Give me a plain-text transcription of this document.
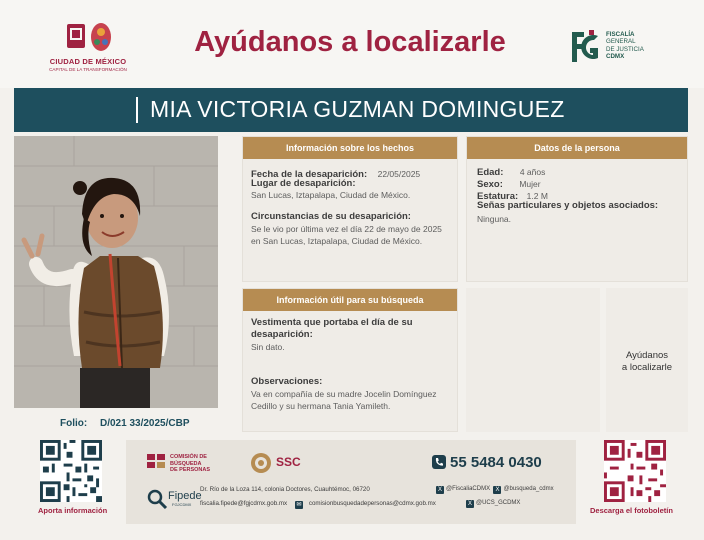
CIUDAD DE MÉXICO
CAPITAL DE LA TRANSFORMACIÓN
Ayúdanos a localizarle	FISCALÍA
GENERAL
DE JUSTICIA

CDMX
MIA VICTORIA GUZMAN DOMINGUEZ
Folio: D/021 33/2025/CBP
Información sobre los hechos
Fecha de la desaparición: 22/05/2025
Lugar de desaparición:
San Lucas, Iztapalapa, Ciudad de México.
Circunstancias de su desaparición:
Se le vio por última vez el día 22 de mayo de 2025
en San Lucas, Iztapalapa, Ciudad de México.
Datos de la persona
Edad: 4 años
Sexo: Mujer
Estatura: 1.2 M
Señas particulares y objetos asociados:
Ninguna.
Información útil para su búsqueda
Vestimenta que portaba el día de su
desaparición:
Sin dato.
Observaciones:
Va en compañía de su madre Jocelin Domínguez
Cedillo y su hermana Tania Yamileth.
Ayúdanos
a localizarle
Aporta información	Descarga el fotoboletín
COMISIÓN DE BÚSQUEDA
DE PERSONAS
SSC	55 5484 0430
Fipede
FGJCDMX
Dr. Río de la Loza 114, colonia Doctores, Cuauhtémoc, 06720
fiscalia.fipede@fgjcdmx.gob.mx ✉ comisionbusquedadepersonas@cdmx.gob.mx
X @FiscaliaCDMX X @busqueda_cdmx
X @UCS_GCDMX
